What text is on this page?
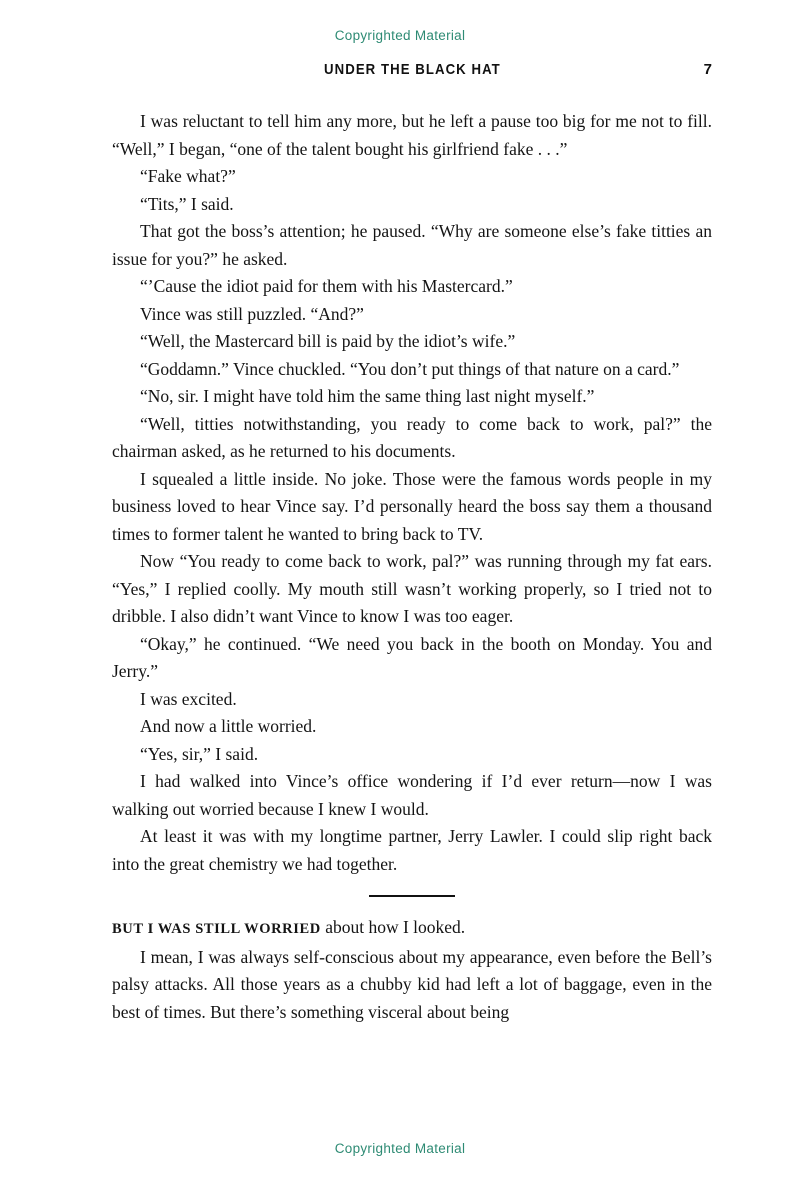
Copyrighted Material
UNDER THE BLACK HAT	7

I was reluctant to tell him any more, but he left a pause too big for me not to fill. “Well,” I began, “one of the talent bought his girlfriend fake . . .”

“Fake what?”

“Tits,” I said.

That got the boss’s attention; he paused. “Why are someone else’s fake titties an issue for you?” he asked.

“’Cause the idiot paid for them with his Mastercard.”

Vince was still puzzled. “And?”

“Well, the Mastercard bill is paid by the idiot’s wife.”

“Goddamn.” Vince chuckled. “You don’t put things of that nature on a card.”

“No, sir. I might have told him the same thing last night myself.”

“Well, titties notwithstanding, you ready to come back to work, pal?” the chairman asked, as he returned to his documents.

I squealed a little inside. No joke. Those were the famous words people in my business loved to hear Vince say. I’d personally heard the boss say them a thousand times to former talent he wanted to bring back to TV.

Now “You ready to come back to work, pal?” was running through my fat ears. “Yes,” I replied coolly. My mouth still wasn’t working properly, so I tried not to dribble. I also didn’t want Vince to know I was too eager.

“Okay,” he continued. “We need you back in the booth on Monday. You and Jerry.”

I was excited.

And now a little worried.

“Yes, sir,” I said.

I had walked into Vince’s office wondering if I’d ever return—now I was walking out worried because I knew I would.

At least it was with my longtime partner, Jerry Lawler. I could slip right back into the great chemistry we had together.

BUT I WAS STILL WORRIED about how I looked.

I mean, I was always self-conscious about my appearance, even before the Bell’s palsy attacks. All those years as a chubby kid had left a lot of baggage, even in the best of times. But there’s something visceral about being

Copyrighted Material
